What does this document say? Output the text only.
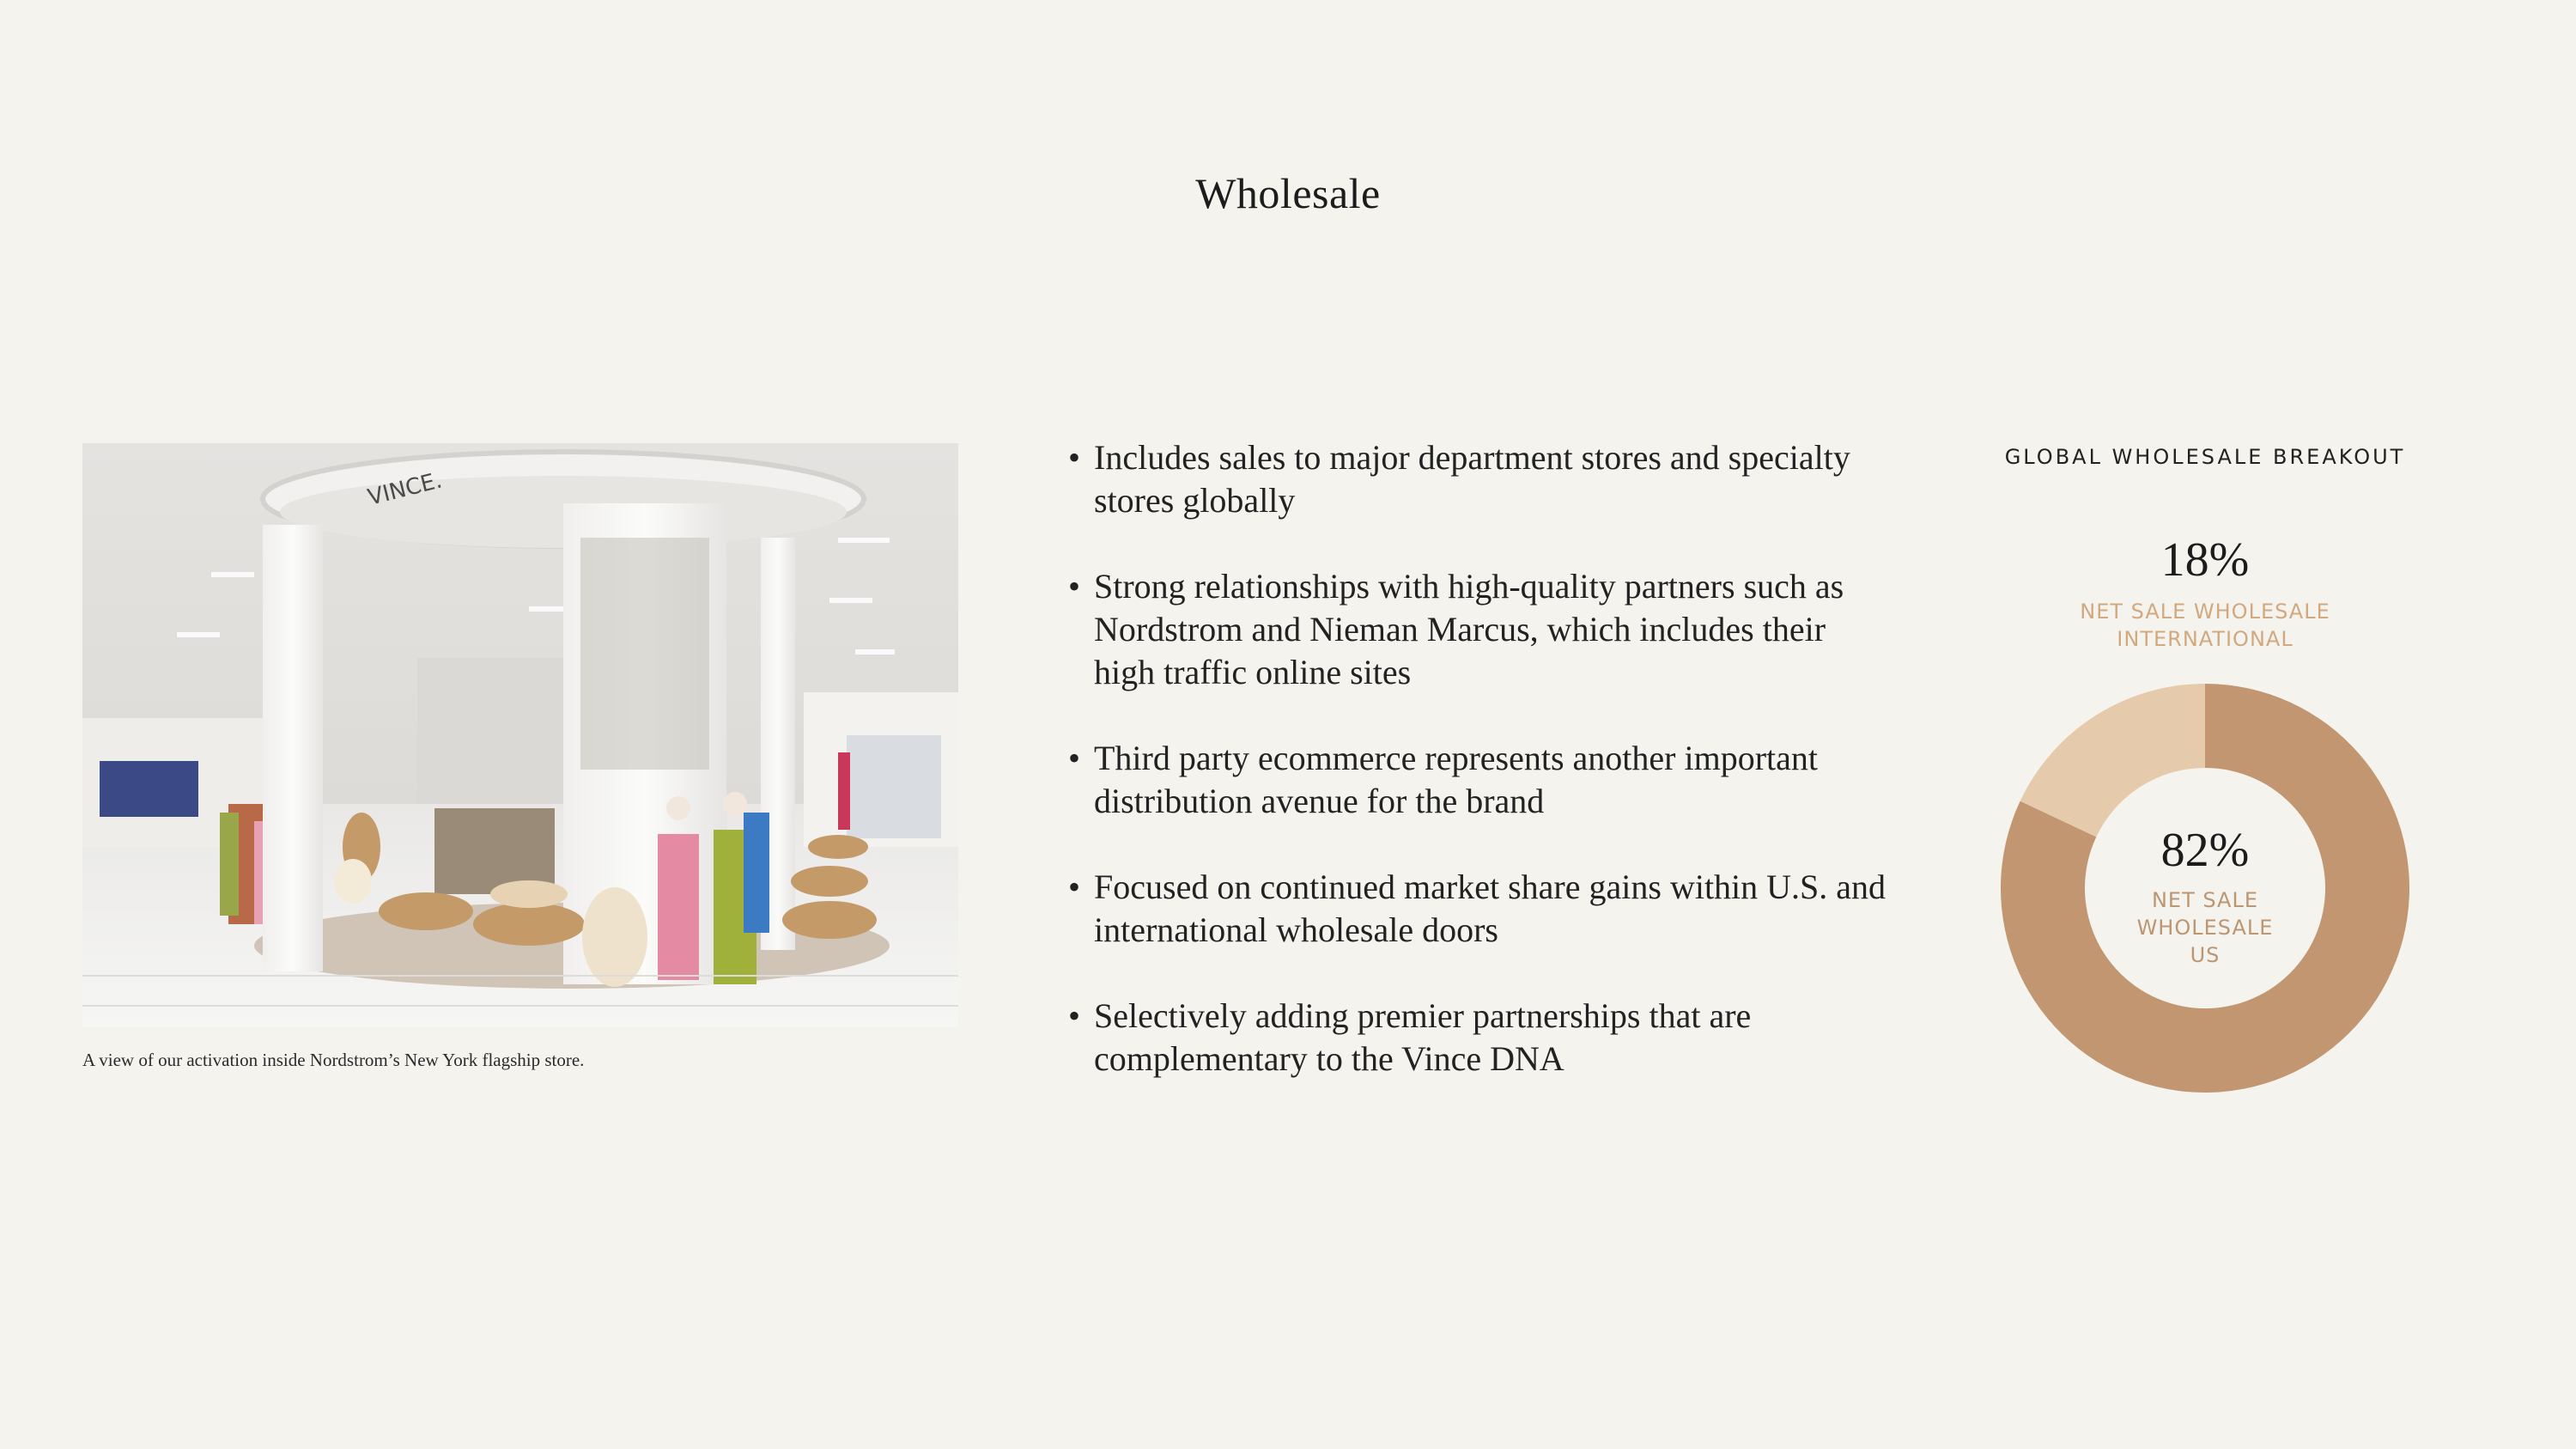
Wholesale
VINCE.
A view of our activation inside Nordstrom’s New York flagship store.
• Includes sales to major department stores and specialty stores globally
• Strong relationships with high-quality partners such as Nordstrom and Nieman Marcus, which includes their high traffic online sites
• Third party ecommerce represents another important distribution avenue for the brand
• Focused on continued market share gains within U.S. and international wholesale doors
• Selectively adding premier partnerships that are complementary to the Vince DNA
GLOBAL WHOLESALE BREAKOUT
18%
NET SALE WHOLESALE
INTERNATIONAL
82%
NET SALE
WHOLESALE
US
